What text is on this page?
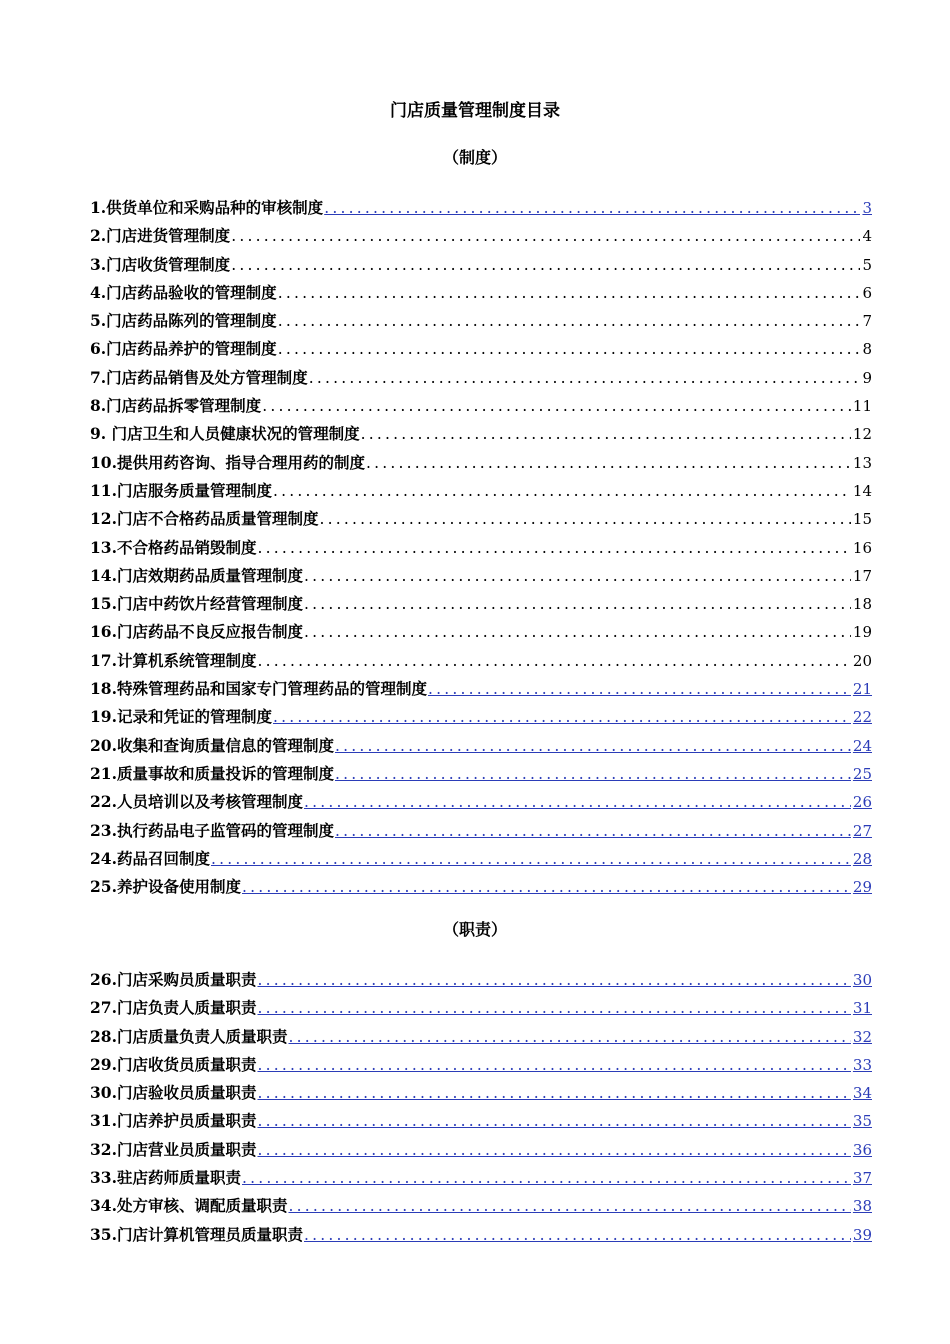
门店质量管理制度目录
（制度）
1.供货单位和采购品种的审核制度 .....	3
2.门店进货管理制度 .....	4
3.门店收货管理制度 .....	5
4.门店药品验收的管理制度 .....	6
5.门店药品陈列的管理制度 .....	7
6.门店药品养护的管理制度 .....	8
7.门店药品销售及处方管理制度 .....	9
8.门店药品拆零管理制度 .....	11
9. 门店卫生和人员健康状况的管理制度 .....	12
10.提供用药咨询、指导合理用药的制度 .....	13
11.门店服务质量管理制度 .....	14
12.门店不合格药品质量管理制度 .....	15
13.不合格药品销毁制度 .....	16
14.门店效期药品质量管理制度 .....	17
15.门店中药饮片经营管理制度 .....	18
16.门店药品不良反应报告制度 .....	19
17.计算机系统管理制度 .....	20
18.特殊管理药品和国家专门管理药品的管理制度 .....	21
19.记录和凭证的管理制度 .....	22
20.收集和查询质量信息的管理制度 .....	24
21.质量事故和质量投诉的管理制度 .....	25
22.人员培训以及考核管理制度 .....	26
23.执行药品电子监管码的管理制度 .....	27
24.药品召回制度 .....	28
25.养护设备使用制度 .....	29
（职责）
26.门店采购员质量职责 .....	30
27.门店负责人质量职责 .....	31
28.门店质量负责人质量职责 .....	32
29.门店收货员质量职责 .....	33
30.门店验收员质量职责 .....	34
31.门店养护员质量职责 .....	35
32.门店营业员质量职责 .....	36
33.驻店药师质量职责 .....	37
34.处方审核、调配质量职责 .....	38
35.门店计算机管理员质量职责 .....	39
